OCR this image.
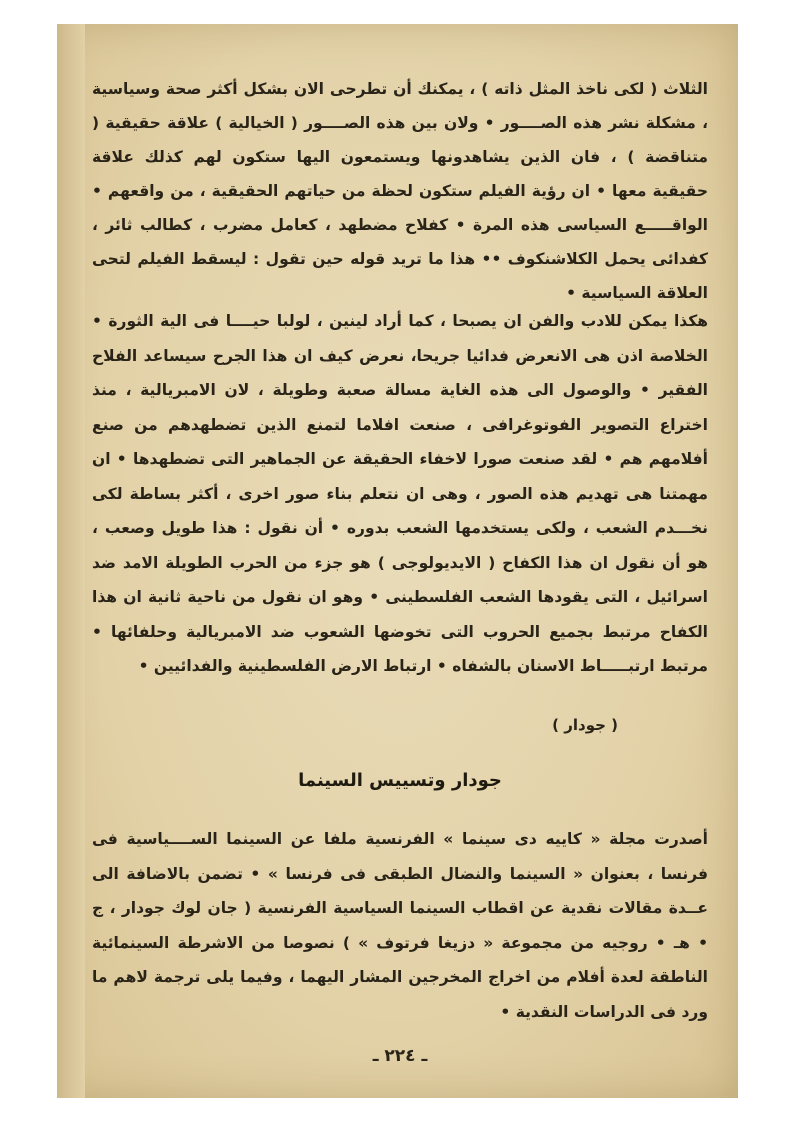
الثلاث ( لكى ناخذ المثل ذاته ) ، يمكنك أن تطرحى الان بشكل أكثر صحة وسياسية ، مشكلة نشر هذه الصــــور • ولان بين هذه الصــــور ( الخيالية ) علاقة حقيقية ( متناقضة ) ، فان الذين يشاهدونها ويستمعون اليها ستكون لهم كذلك علاقة حقيقية معها • ان رؤية الفيلم ستكون لحظة من حياتهم الحقيقية ، من واقعهم • الواقـــــع السياسى هذه المرة • كفلاح مضطهد ، كعامل مضرب ، كطالب ثائر ، كفدائى يحمل الكلاشنكوف •• هذا ما تريد قوله حين تقول : ليسقط الفيلم لتحى العلاقة السياسية •

هكذا يمكن للادب والفن ان يصبحا ، كما أراد لينين ، لولبا حيــــا فى الية الثورة • الخلاصة اذن هى الانعرض فدائيا جريحا، نعرض كيف ان هذا الجرح سيساعد الفلاح الفقير • والوصول الى هذه الغاية مسالة صعبة وطويلة ، لان الامبريالية ، منذ اختراع التصوير الفوتوغرافى ، صنعت افلاما لتمنع الذين تضطهدهم من صنع أفلامهم هم • لقد صنعت صورا لاخفاء الحقيقة عن الجماهير التى تضطهدها • ان مهمتنا هى تهديم هذه الصور ، وهى ان نتعلم بناء صور اخرى ، أكثر بساطة لكى نخـــدم الشعب ، ولكى يستخدمها الشعب بدوره • أن نقول : هذا طويل وصعب ، هو أن نقول ان هذا الكفاح ( الايديولوجى ) هو جزء من الحرب الطويلة الامد ضد اسرائيل ، التى يقودها الشعب الفلسطينى • وهو ان نقول من ناحية ثانية ان هذا الكفاح مرتبط بجميع الحروب التى تخوضها الشعوب ضد الامبريالية وحلفائها • مرتبط ارتبـــــاط الاسنان بالشفاه • ارتباط الارض الفلسطينية والفدائيين •

( جودار )
جودار وتسييس السينما

أصدرت مجلة « كاييه دى سينما » الفرنسية ملفا عن السينما الســــياسية فى فرنسا ، بعنوان « السينما والنضال الطبقى فى فرنسا » • تضمن بالاضافة الى عــدة مقالات نقدية عن اقطاب السينما السياسية الفرنسية ( جان لوك جودار ، ج • هـ • روجيه من مجموعة « دزيغا فرتوف » ) نصوصا من الاشرطة السينمائية الناطقة لعدة أفلام من اخراج المخرجين المشار اليهما ، وفيما يلى ترجمة لاهم ما ورد فى الدراسات النقدية •

ـ ٢٢٤ ـ
